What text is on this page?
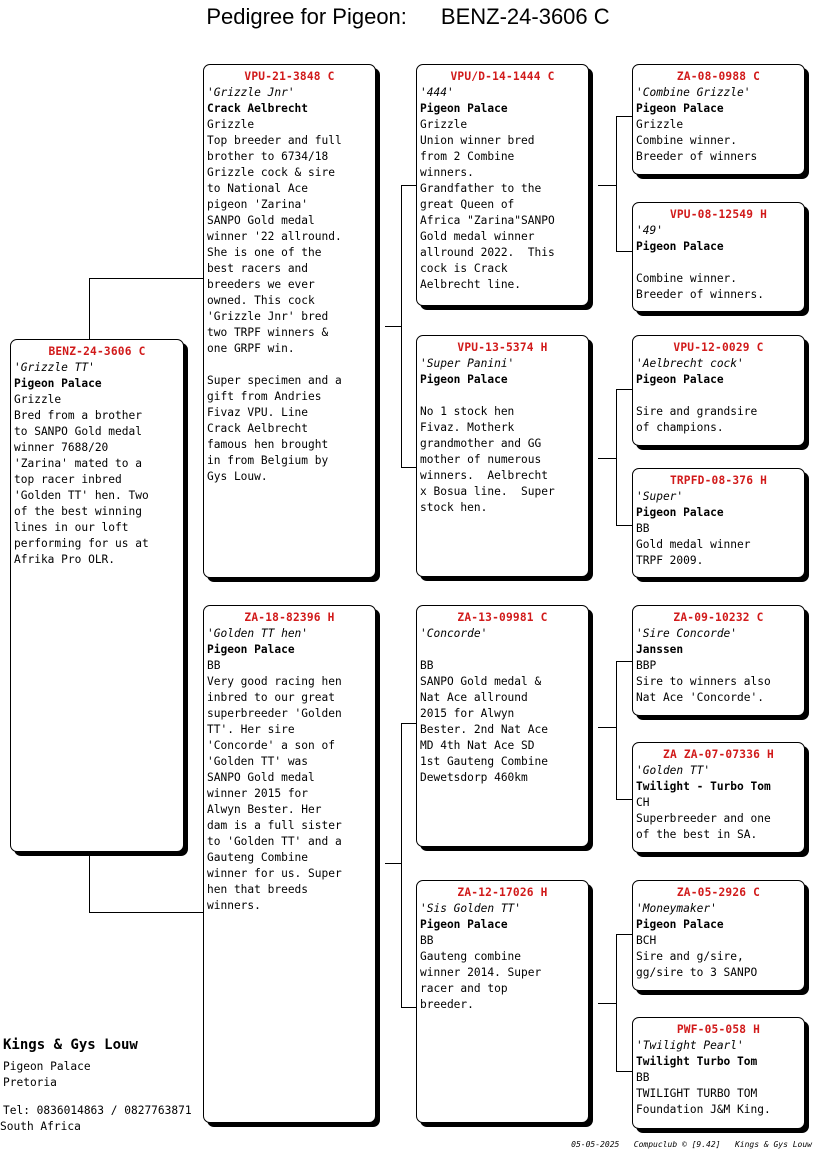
Pedigree for Pigeon: BENZ-24-3606 C
BENZ-24-3606 C
'Grizzle TT'
Pigeon Palace
Grizzle
Bred from a brother
to SANPO Gold medal
winner 7688/20
'Zarina' mated to a
top racer inbred
'Golden TT' hen. Two
of the best winning
lines in our loft
performing for us at
Afrika Pro OLR.
VPU-21-3848 C
'Grizzle Jnr'
Crack Aelbrecht
Grizzle
Top breeder and full
brother to 6734/18
Grizzle cock & sire
to National Ace
pigeon 'Zarina'
SANPO Gold medal
winner '22 allround.
She is one of the
best racers and
breeders we ever
owned. This cock
'Grizzle Jnr' bred
two TRPF winners &
one GRPF win.

Super specimen and a
gift from Andries
Fivaz VPU. Line
Crack Aelbrecht
famous hen brought
in from Belgium by
Gys Louw.
ZA-18-82396 H
'Golden TT hen'
Pigeon Palace
BB
Very good racing hen
inbred to our great
superbreeder 'Golden
TT'. Her sire
'Concorde' a son of
'Golden TT' was
SANPO Gold medal
winner 2015 for
Alwyn Bester. Her
dam is a full sister
to 'Golden TT' and a
Gauteng Combine
winner for us. Super
hen that breeds
winners.
VPU/D-14-1444 C
'444'
Pigeon Palace
Grizzle
Union winner bred
from 2 Combine
winners.
Grandfather to the
great Queen of
Africa "Zarina"SANPO
Gold medal winner
allround 2022.  This
cock is Crack
Aelbrecht line.
VPU-13-5374 H
'Super Panini'
Pigeon Palace
No 1 stock hen
Fivaz. Motherk
grandmother and GG
mother of numerous
winners.  Aelbrecht
x Bosua line.  Super
stock hen.
ZA-13-09981 C
'Concorde'
BB
SANPO Gold medal &
Nat Ace allround
2015 for Alwyn
Bester. 2nd Nat Ace
MD 4th Nat Ace SD
1st Gauteng Combine
Dewetsdorp 460km
ZA-12-17026 H
'Sis Golden TT'
Pigeon Palace
BB
Gauteng combine
winner 2014. Super
racer and top
breeder.
ZA-08-0988 C
'Combine Grizzle'
Pigeon Palace
Grizzle
Combine winner.
Breeder of winners
VPU-08-12549 H
'49'
Pigeon Palace
Combine winner.
Breeder of winners.
VPU-12-0029 C
'Aelbrecht cock'
Pigeon Palace
Sire and grandsire
of champions.
TRPFD-08-376 H
'Super'
Pigeon Palace
BB
Gold medal winner
TRPF 2009.
ZA-09-10232 C
'Sire Concorde'
Janssen
BBP
Sire to winners also
Nat Ace 'Concorde'.
ZA ZA-07-07336 H
'Golden TT'
Twilight - Turbo Tom
CH
Superbreeder and one
of the best in SA.
ZA-05-2926 C
'Moneymaker'
Pigeon Palace
BCH
Sire and g/sire,
gg/sire to 3 SANPO
PWF-05-058 H
'Twilight Pearl'
Twilight Turbo Tom
BB
TWILIGHT TURBO TOM
Foundation J&M King.
Kings & Gys Louw
Pigeon Palace
Pretoria
Tel: 0836014863 / 0827763871
South Africa
05-05-2025 Compuclub © [9.42] Kings & Gys Louw
